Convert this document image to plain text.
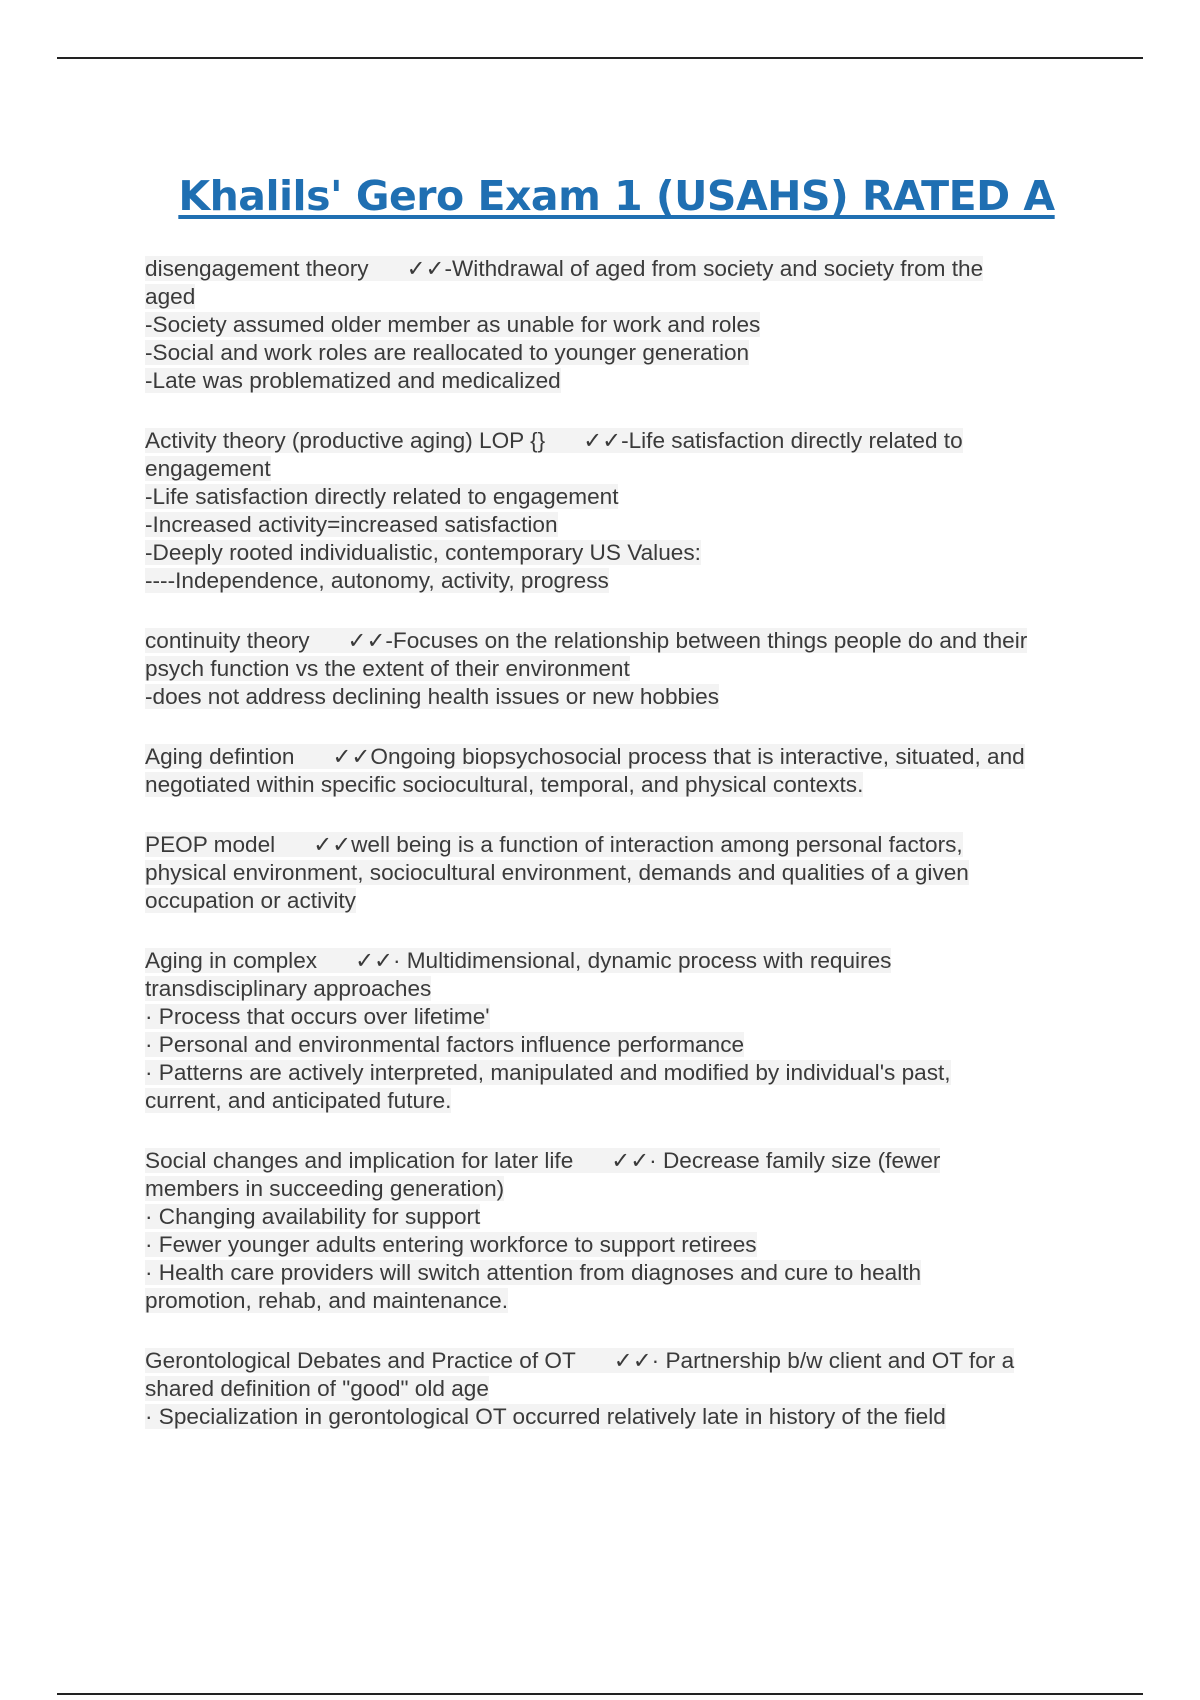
Khalils' Gero Exam 1 (USAHS) RATED A
disengagement theory ✓✓-Withdrawal of aged from society and society from the
aged
-Society assumed older member as unable for work and roles
-Social and work roles are reallocated to younger generation
-Late was problematized and medicalized
Activity theory (productive aging) LOP {} ✓✓-Life satisfaction directly related to
engagement
-Life satisfaction directly related to engagement
-Increased activity=increased satisfaction
-Deeply rooted individualistic, contemporary US Values:
----Independence, autonomy, activity, progress
continuity theory ✓✓-Focuses on the relationship between things people do and their
psych function vs the extent of their environment
-does not address declining health issues or new hobbies
Aging defintion ✓✓Ongoing biopsychosocial process that is interactive, situated, and
negotiated within specific sociocultural, temporal, and physical contexts.
PEOP model ✓✓well being is a function of interaction among personal factors,
physical environment, sociocultural environment, demands and qualities of a given
occupation or activity
Aging in complex ✓✓· Multidimensional, dynamic process with requires
transdisciplinary approaches
· Process that occurs over lifetime'
· Personal and environmental factors influence performance
· Patterns are actively interpreted, manipulated and modified by individual's past,
current, and anticipated future.
Social changes and implication for later life ✓✓· Decrease family size (fewer
members in succeeding generation)
· Changing availability for support
· Fewer younger adults entering workforce to support retirees
· Health care providers will switch attention from diagnoses and cure to health
promotion, rehab, and maintenance.
Gerontological Debates and Practice of OT ✓✓· Partnership b/w client and OT for a
shared definition of "good" old age
· Specialization in gerontological OT occurred relatively late in history of the field
